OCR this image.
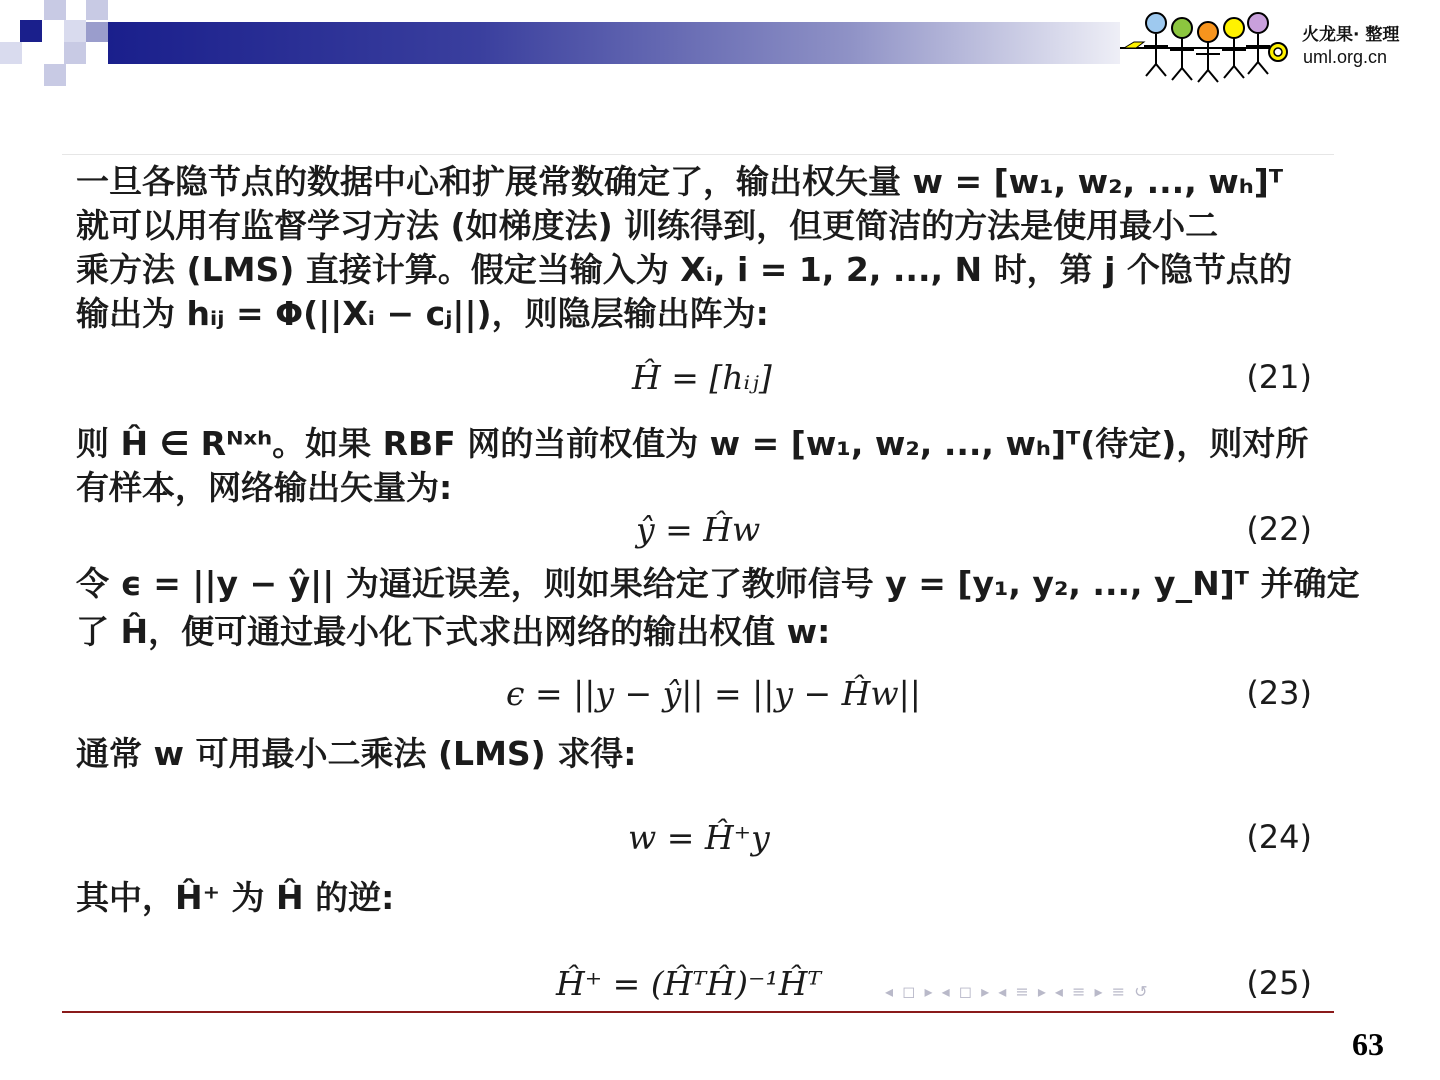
火龙果· 整理
uml.org.cn
一旦各隐节点的数据中心和扩展常数确定了，输出权矢量 w = [w₁, w₂, ..., wₕ]ᵀ
就可以用有监督学习方法 (如梯度法) 训练得到，但更简洁的方法是使用最小二
乘方法 (LMS) 直接计算。假定当输入为 Xᵢ, i = 1, 2, ..., N 时，第 j 个隐节点的
输出为 hᵢⱼ = Φ(||Xᵢ − cⱼ||)，则隐层输出阵为:
Ĥ = [hᵢⱼ]	(21)
则 Ĥ ∈ Rᴺˣʰ。如果 RBF 网的当前权值为 w = [w₁, w₂, ..., wₕ]ᵀ(待定)，则对所
有样本，网络输出矢量为:
ŷ = Ĥw	(22)
令 ϵ = ||y − ŷ|| 为逼近误差，则如果给定了教师信号 y = [y₁, y₂, ..., y_N]ᵀ 并确定
了 Ĥ，便可通过最小化下式求出网络的输出权值 w:
ϵ = ||y − ŷ|| = ||y − Ĥw||	(23)
通常 w 可用最小二乘法 (LMS) 求得:
w = Ĥ⁺y	(24)
其中，Ĥ⁺ 为 Ĥ 的逆:
Ĥ⁺ = (ĤᵀĤ)⁻¹Ĥᵀ	(25)
◂ ◻ ▸ ◂ ◻ ▸ ◂ ≡ ▸ ◂ ≡ ▸ ≡ ↺
63
